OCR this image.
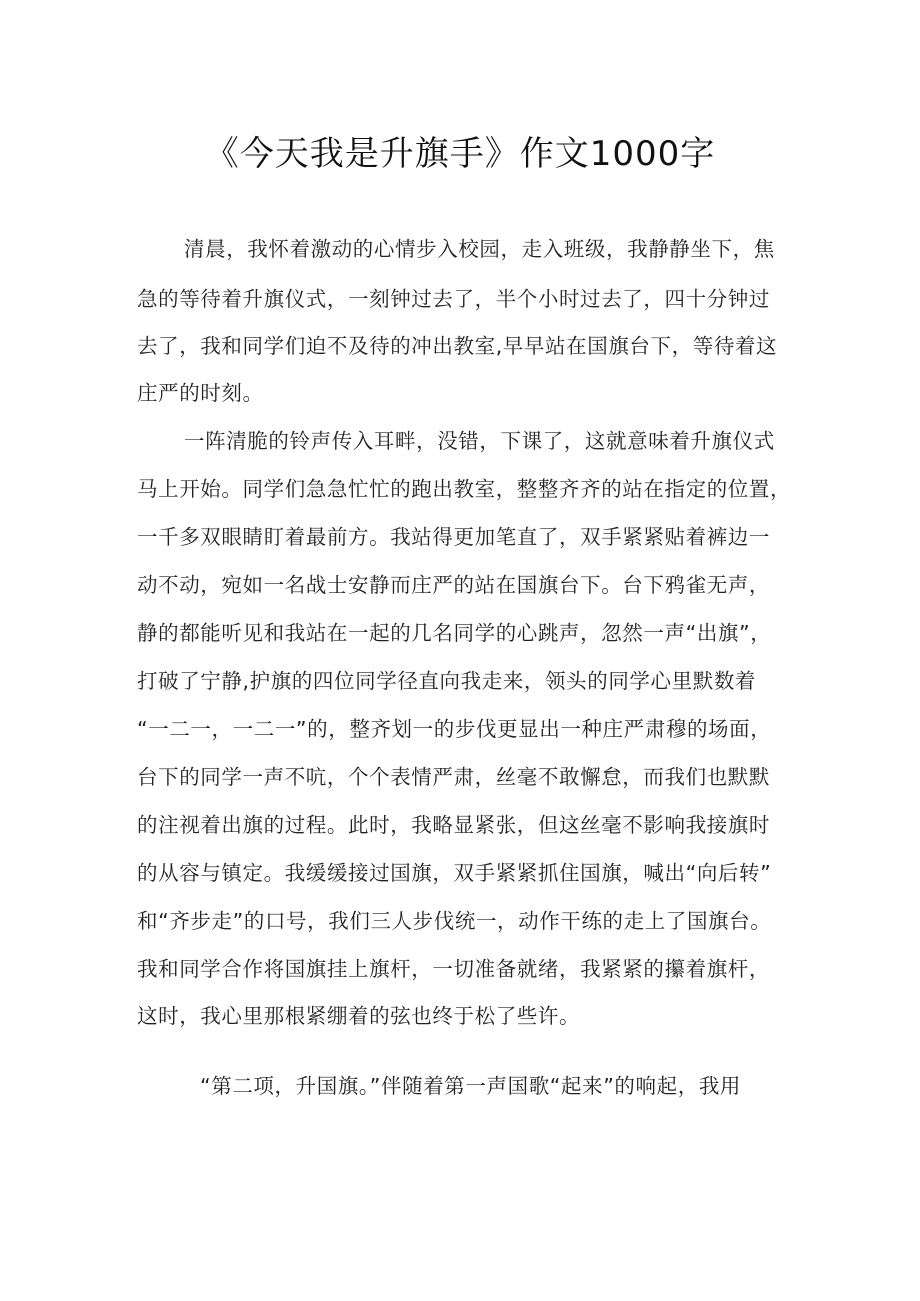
《今天我是升旗手》作文1000字
清晨，我怀着激动的心情步入校园，走入班级，我静静坐下，焦
急的等待着升旗仪式，一刻钟过去了，半个小时过去了，四十分钟过
去了，我和同学们迫不及待的冲出教室,早早站在国旗台下，等待着这
庄严的时刻。
一阵清脆的铃声传入耳畔，没错，下课了，这就意味着升旗仪式
马上开始。同学们急急忙忙的跑出教室，整整齐齐的站在指定的位置，
一千多双眼睛盯着最前方。我站得更加笔直了，双手紧紧贴着裤边一
动不动，宛如一名战士安静而庄严的站在国旗台下。台下鸦雀无声，
静的都能听见和我站在一起的几名同学的心跳声，忽然一声“出旗”，
打破了宁静,护旗的四位同学径直向我走来，领头的同学心里默数着
“一二一，一二一”的，整齐划一的步伐更显出一种庄严肃穆的场面，
台下的同学一声不吭，个个表情严肃，丝毫不敢懈怠，而我们也默默
的注视着出旗的过程。此时，我略显紧张，但这丝毫不影响我接旗时
的从容与镇定。我缓缓接过国旗，双手紧紧抓住国旗，喊出“向后转”
和“齐步走”的口号，我们三人步伐统一，动作干练的走上了国旗台。
我和同学合作将国旗挂上旗杆，一切准备就绪，我紧紧的攥着旗杆，
这时，我心里那根紧绷着的弦也终于松了些许。
“第二项，升国旗。”伴随着第一声国歌“起来”的响起，我用
